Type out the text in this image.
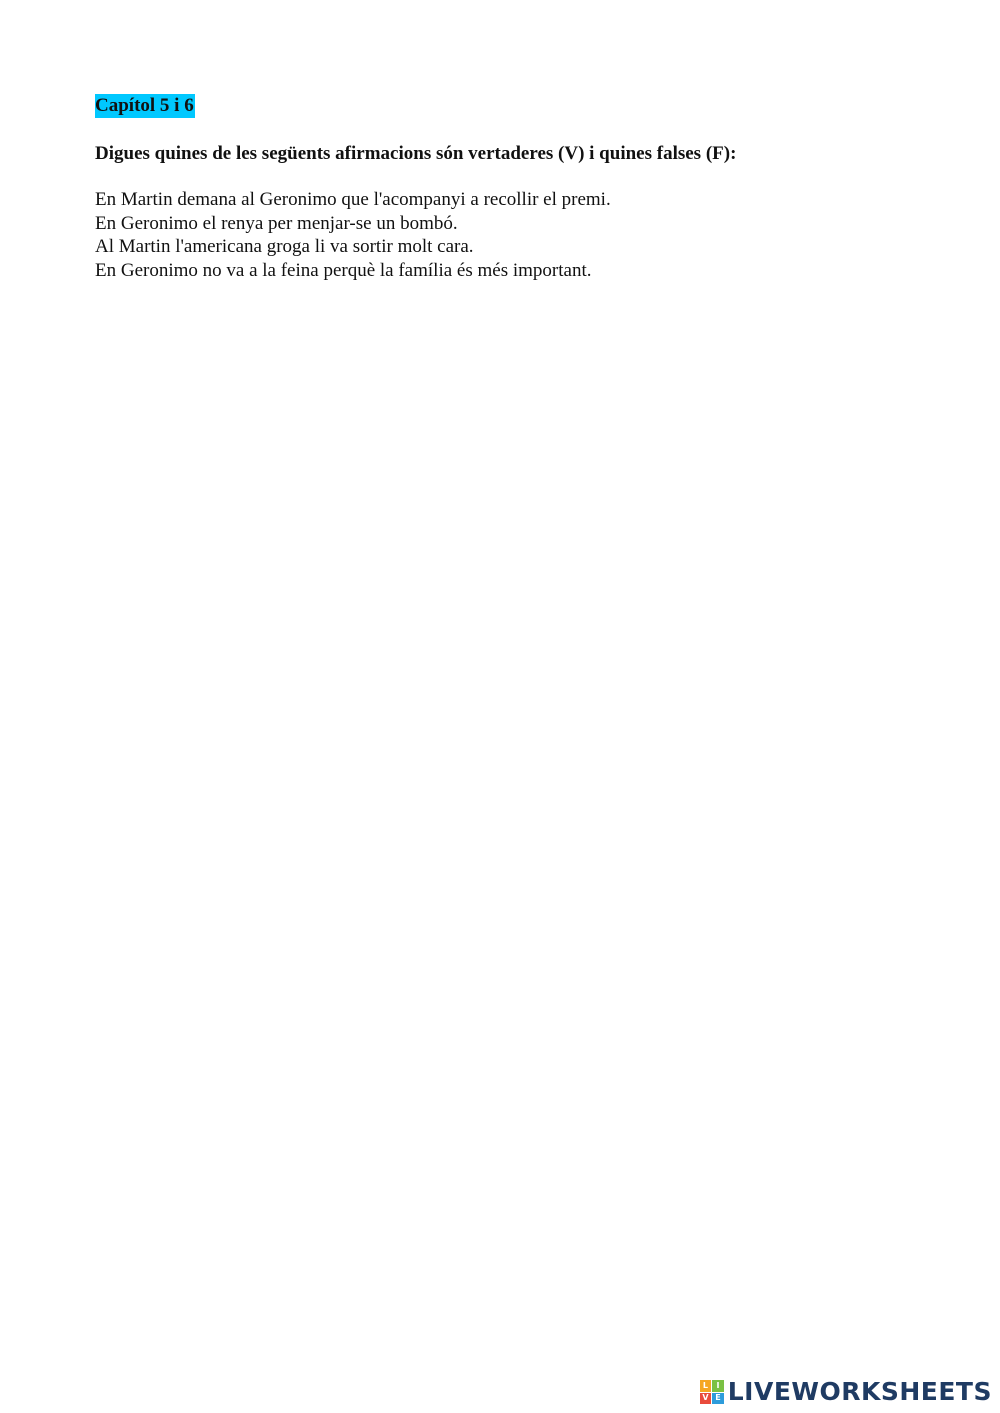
Capítol 5 i 6
Digues quines de les següents afirmacions són vertaderes (V) i quines falses (F):
En Martin demana al Geronimo que l'acompanyi a recollir el premi.
En Geronimo el renya per menjar-se un bombó.
Al Martin l'americana groga li va sortir molt cara.
En Geronimo no va a la feina perquè la família és més important.
L	I
V E LIVEWORKSHEETS
